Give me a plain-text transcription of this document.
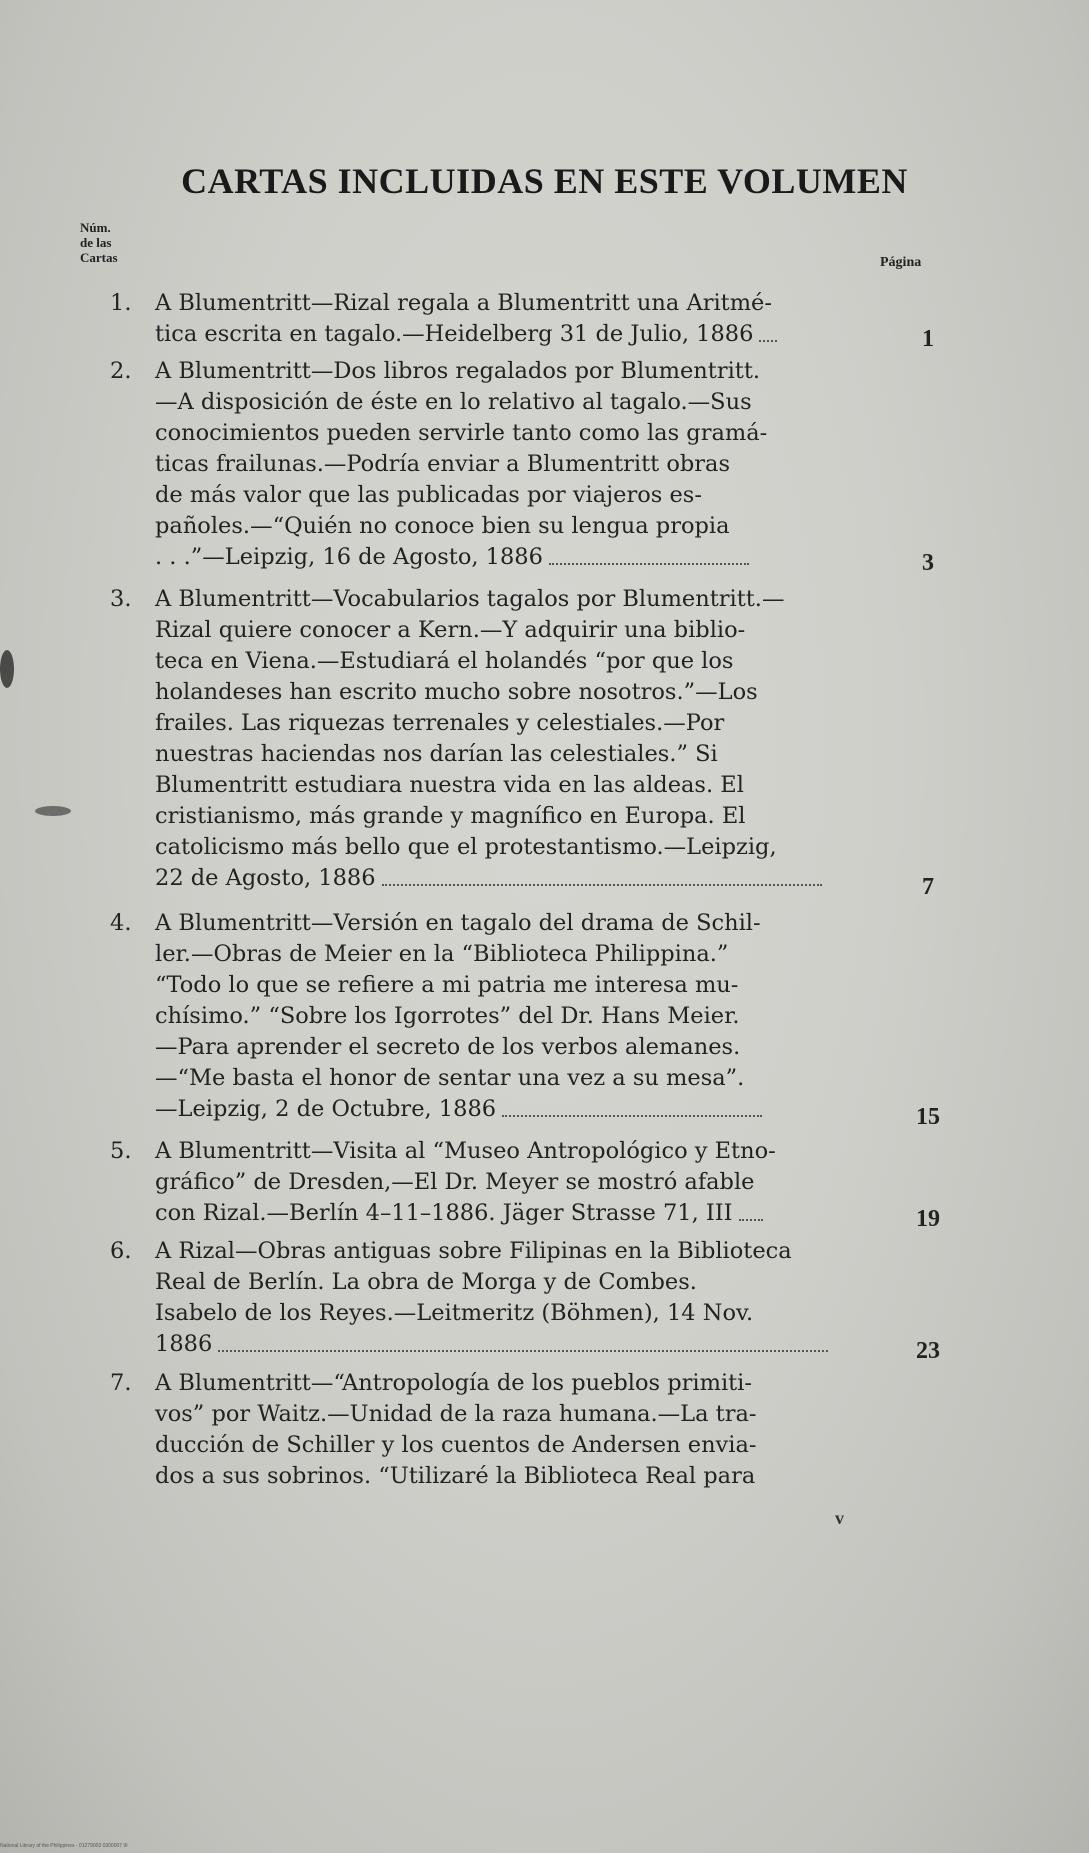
CARTAS INCLUIDAS EN ESTE VOLUMEN
Núm.
de las
Cartas	Página
1. A Blumentritt—Rizal regala a Blumentritt una Aritmé-
tica escrita en tagalo.—Heidelberg 31 de Julio, 1886	1
2. A Blumentritt—Dos libros regalados por Blumentritt.
—A disposición de éste en lo relativo al tagalo.—Sus
conocimientos pueden servirle tanto como las gramá-
ticas frailunas.—Podría enviar a Blumentritt obras
de más valor que las publicadas por viajeros es-
pañoles.—“Quién no conoce bien su lengua propia
. . .”—Leipzig, 16 de Agosto, 1886	3
3. A Blumentritt—Vocabularios tagalos por Blumentritt.—
Rizal quiere conocer a Kern.—Y adquirir una biblio-
teca en Viena.—Estudiará el holandés “por que los
holandeses han escrito mucho sobre nosotros.”—Los
frailes. Las riquezas terrenales y celestiales.—Por
nuestras haciendas nos darían las celestiales.” Si
Blumentritt estudiara nuestra vida en las aldeas. El
cristianismo, más grande y magnífico en Europa. El
catolicismo más bello que el protestantismo.—Leipzig,
22 de Agosto, 1886	7
4. A Blumentritt—Versión en tagalo del drama de Schil-
ler.—Obras de Meier en la “Biblioteca Philippina.”
“Todo lo que se refiere a mi patria me interesa mu-
chísimo.” “Sobre los Igorrotes” del Dr. Hans Meier.
—Para aprender el secreto de los verbos alemanes.
—“Me basta el honor de sentar una vez a su mesa”.
—Leipzig, 2 de Octubre, 1886	15
5. A Blumentritt—Visita al “Museo Antropológico y Etno-
gráfico” de Dresden,—El Dr. Meyer se mostró afable
con Rizal.—Berlín 4–11–1886. Jäger Strasse 71, III	19
6. A Rizal—Obras antiguas sobre Filipinas en la Biblioteca
Real de Berlín. La obra de Morga y de Combes.
Isabelo de los Reyes.—Leitmeritz (Böhmen), 14 Nov.
1886	23
7. A Blumentritt—“Antropología de los pueblos primiti-
vos” por Waitz.—Unidad de la raza humana.—La tra-
ducción de Schiller y los cuentos de Andersen envia-
dos a sus sobrinos. “Utilizaré la Biblioteca Real para
v
National Library of the Philippines · 01279003 0300007 III
